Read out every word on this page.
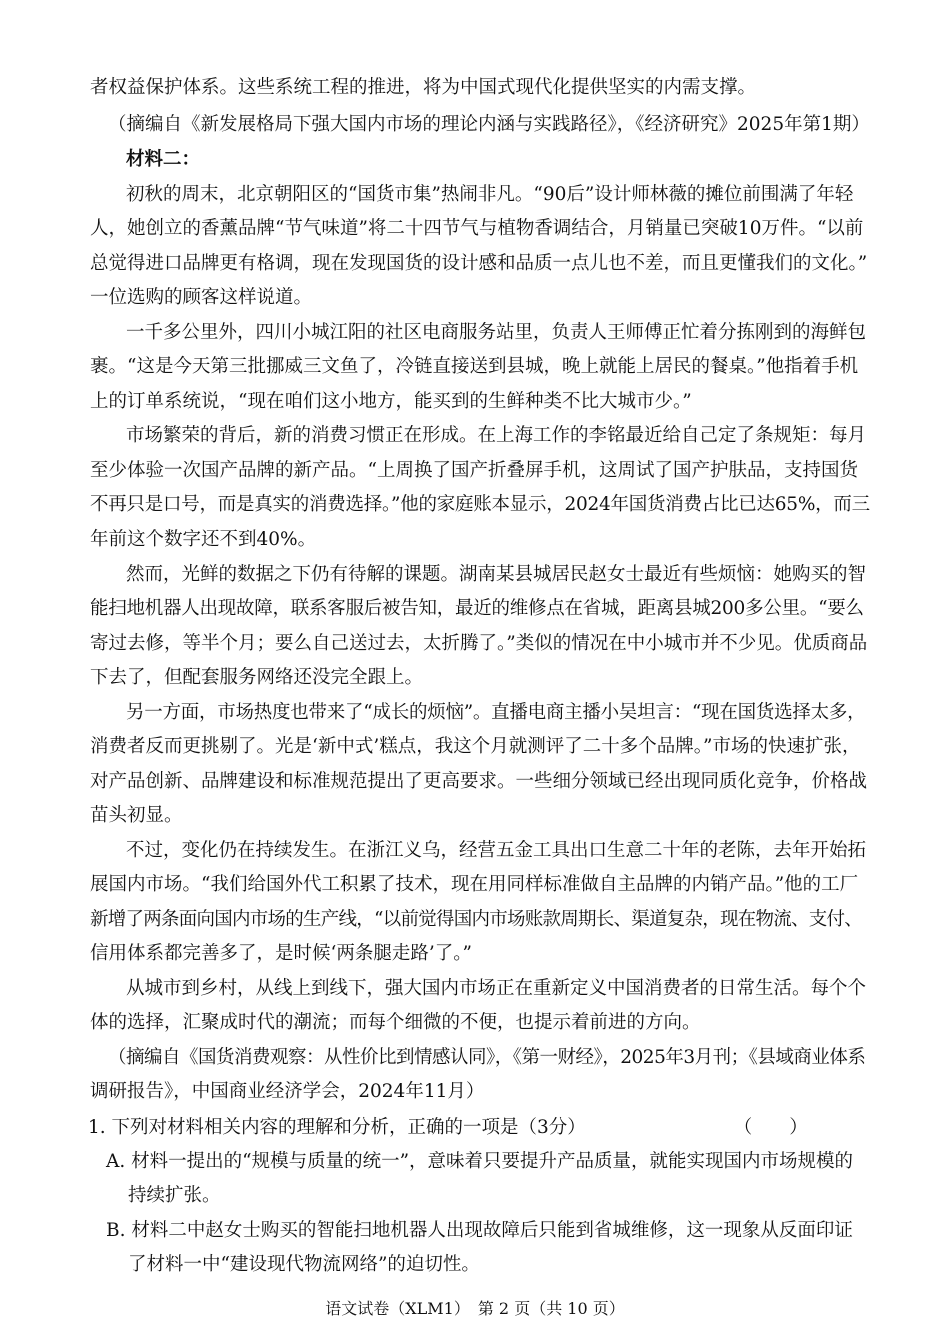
者权益保护体系。这些系统工程的推进，将为中国式现代化提供坚实的内需支撑。
（摘编自《新发展格局下强大国内市场的理论内涵与实践路径》，《经济研究》2025年第1期）
材料二：
初秋的周末，北京朝阳区的“国货市集”热闹非凡。“90后”设计师林薇的摊位前围满了年轻
人，她创立的香薰品牌“节气味道”将二十四节气与植物香调结合，月销量已突破10万件。“以前
总觉得进口品牌更有格调，现在发现国货的设计感和品质一点儿也不差，而且更懂我们的文化。”
一位选购的顾客这样说道。
一千多公里外，四川小城江阳的社区电商服务站里，负责人王师傅正忙着分拣刚到的海鲜包
裹。“这是今天第三批挪威三文鱼了，冷链直接送到县城，晚上就能上居民的餐桌。”他指着手机
上的订单系统说，“现在咱们这小地方，能买到的生鲜种类不比大城市少。”
市场繁荣的背后，新的消费习惯正在形成。在上海工作的李铭最近给自己定了条规矩：每月
至少体验一次国产品牌的新产品。“上周换了国产折叠屏手机，这周试了国产护肤品，支持国货
不再只是口号，而是真实的消费选择。”他的家庭账本显示，2024年国货消费占比已达65%，而三
年前这个数字还不到40%。
然而，光鲜的数据之下仍有待解的课题。湖南某县城居民赵女士最近有些烦恼：她购买的智
能扫地机器人出现故障，联系客服后被告知，最近的维修点在省城，距离县城200多公里。“要么
寄过去修，等半个月；要么自己送过去，太折腾了。”类似的情况在中小城市并不少见。优质商品
下去了，但配套服务网络还没完全跟上。
另一方面，市场热度也带来了“成长的烦恼”。直播电商主播小吴坦言：“现在国货选择太多，
消费者反而更挑剔了。光是‘新中式’糕点，我这个月就测评了二十多个品牌。”市场的快速扩张，
对产品创新、品牌建设和标准规范提出了更高要求。一些细分领域已经出现同质化竞争，价格战
苗头初显。
不过，变化仍在持续发生。在浙江义乌，经营五金工具出口生意二十年的老陈，去年开始拓
展国内市场。“我们给国外代工积累了技术，现在用同样标准做自主品牌的内销产品。”他的工厂
新增了两条面向国内市场的生产线，“以前觉得国内市场账款周期长、渠道复杂，现在物流、支付、
信用体系都完善多了，是时候‘两条腿走路’了。”
从城市到乡村，从线上到线下，强大国内市场正在重新定义中国消费者的日常生活。每个个
体的选择，汇聚成时代的潮流；而每个细微的不便，也提示着前进的方向。
（摘编自《国货消费观察：从性价比到情感认同》，《第一财经》，2025年3月刊；《县域商业体系
调研报告》，中国商业经济学会，2024年11月）
1. 下列对材料相关内容的理解和分析，正确的一项是（3分）　　　　　　　　　（　　）
A. 材料一提出的“规模与质量的统一”，意味着只要提升产品质量，就能实现国内市场规模的
持续扩张。
B. 材料二中赵女士购买的智能扫地机器人出现故障后只能到省城维修，这一现象从反面印证
了材料一中“建设现代物流网络”的迫切性。
语文试卷（XLM1）　第 2 页（共 10 页）
